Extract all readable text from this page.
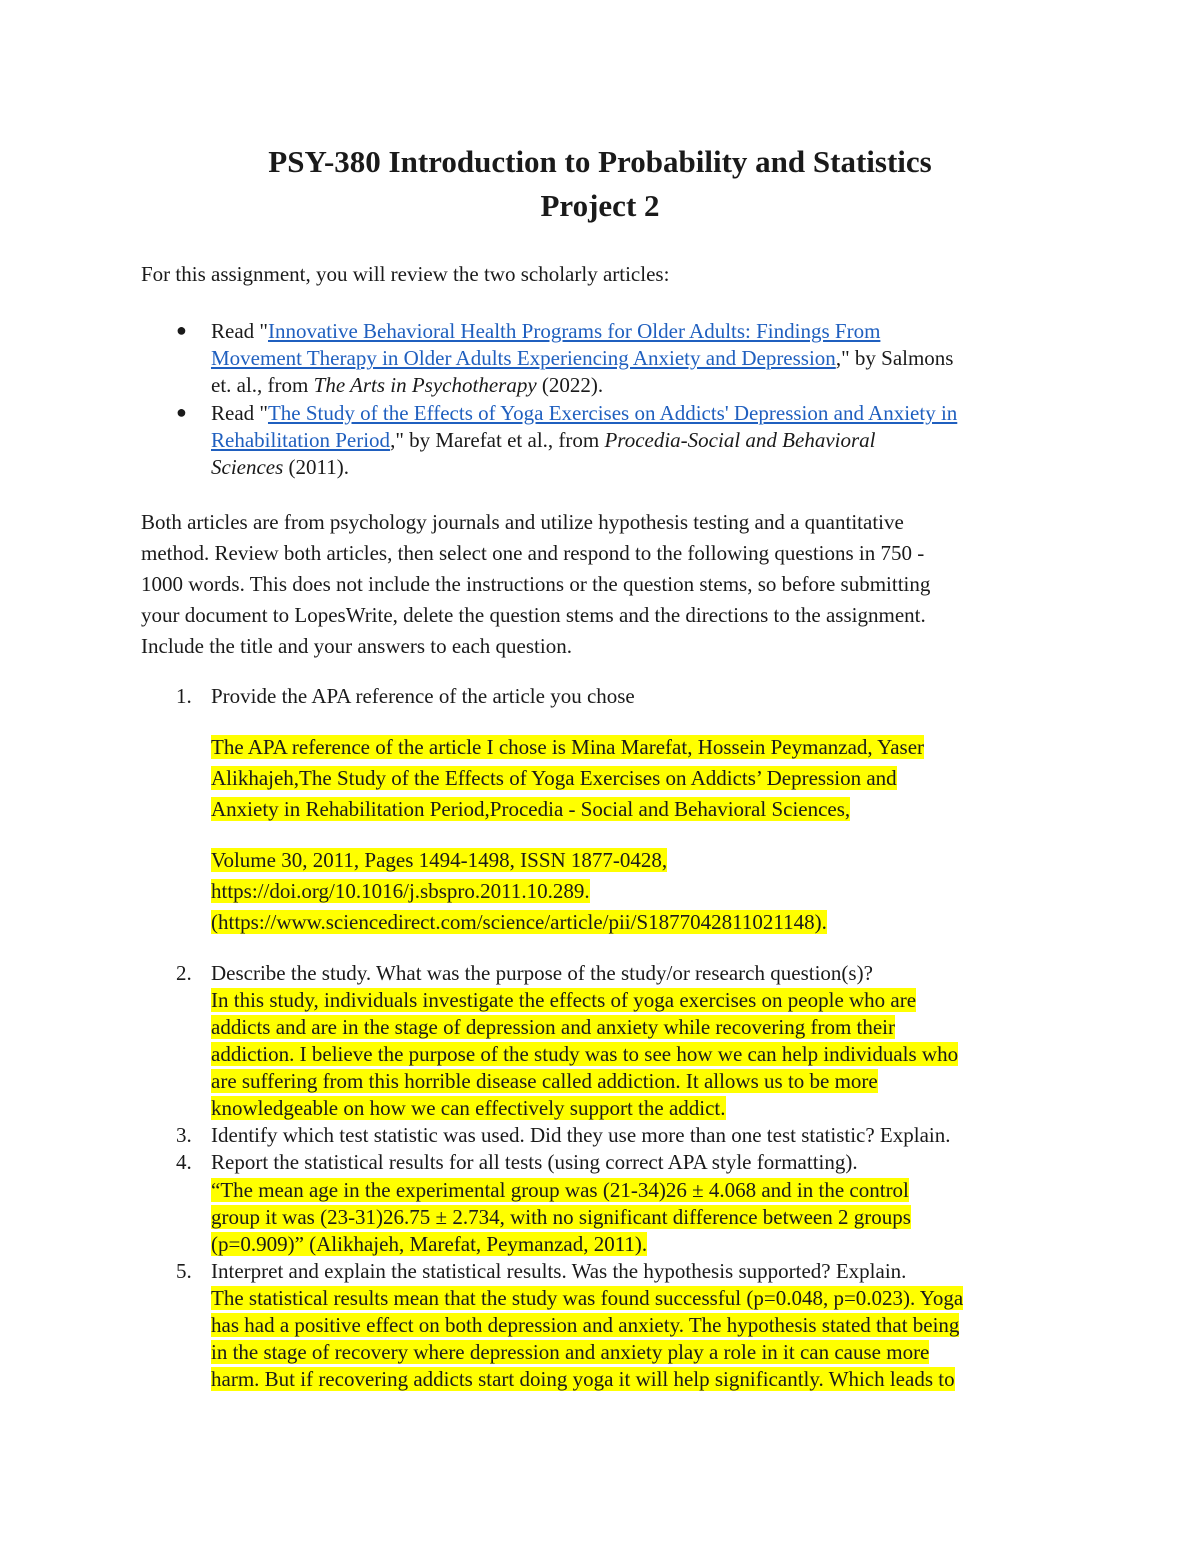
PSY-380 Introduction to Probability and Statistics
Project 2
For this assignment, you will review the two scholarly articles:
● Read "Innovative Behavioral Health Programs for Older Adults: Findings From
Movement Therapy in Older Adults Experiencing Anxiety and Depression," by Salmons
et. al., from The Arts in Psychotherapy (2022).
● Read "The Study of the Effects of Yoga Exercises on Addicts' Depression and Anxiety in
Rehabilitation Period," by Marefat et al., from Procedia-Social and Behavioral
Sciences (2011).
Both articles are from psychology journals and utilize hypothesis testing and a quantitative
method. Review both articles, then select one and respond to the following questions in 750 -
1000 words. This does not include the instructions or the question stems, so before submitting
your document to LopesWrite, delete the question stems and the directions to the assignment.
Include the title and your answers to each question.
1. Provide the APA reference of the article you chose
The APA reference of the article I chose is Mina Marefat, Hossein Peymanzad, Yaser
Alikhajeh,The Study of the Effects of Yoga Exercises on Addicts’ Depression and
Anxiety in Rehabilitation Period,Procedia - Social and Behavioral Sciences,
Volume 30, 2011, Pages 1494-1498, ISSN 1877-0428,
https://doi.org/10.1016/j.sbspro.2011.10.289.
(https://www.sciencedirect.com/science/article/pii/S1877042811021148).
2. Describe the study. What was the purpose of the study/or research question(s)?
In this study, individuals investigate the effects of yoga exercises on people who are
addicts and are in the stage of depression and anxiety while recovering from their
addiction. I believe the purpose of the study was to see how we can help individuals who
are suffering from this horrible disease called addiction. It allows us to be more
knowledgeable on how we can effectively support the addict.
3. Identify which test statistic was used. Did they use more than one test statistic? Explain.
4. Report the statistical results for all tests (using correct APA style formatting).
“The mean age in the experimental group was (21-34)26 ± 4.068 and in the control
group it was (23-31)26.75 ± 2.734, with no significant difference between 2 groups
(p=0.909)” (Alikhajeh, Marefat, Peymanzad, 2011).
5. Interpret and explain the statistical results. Was the hypothesis supported? Explain.
The statistical results mean that the study was found successful (p=0.048, p=0.023). Yoga
has had a positive effect on both depression and anxiety. The hypothesis stated that being
in the stage of recovery where depression and anxiety play a role in it can cause more
harm. But if recovering addicts start doing yoga it will help significantly. Which leads to
